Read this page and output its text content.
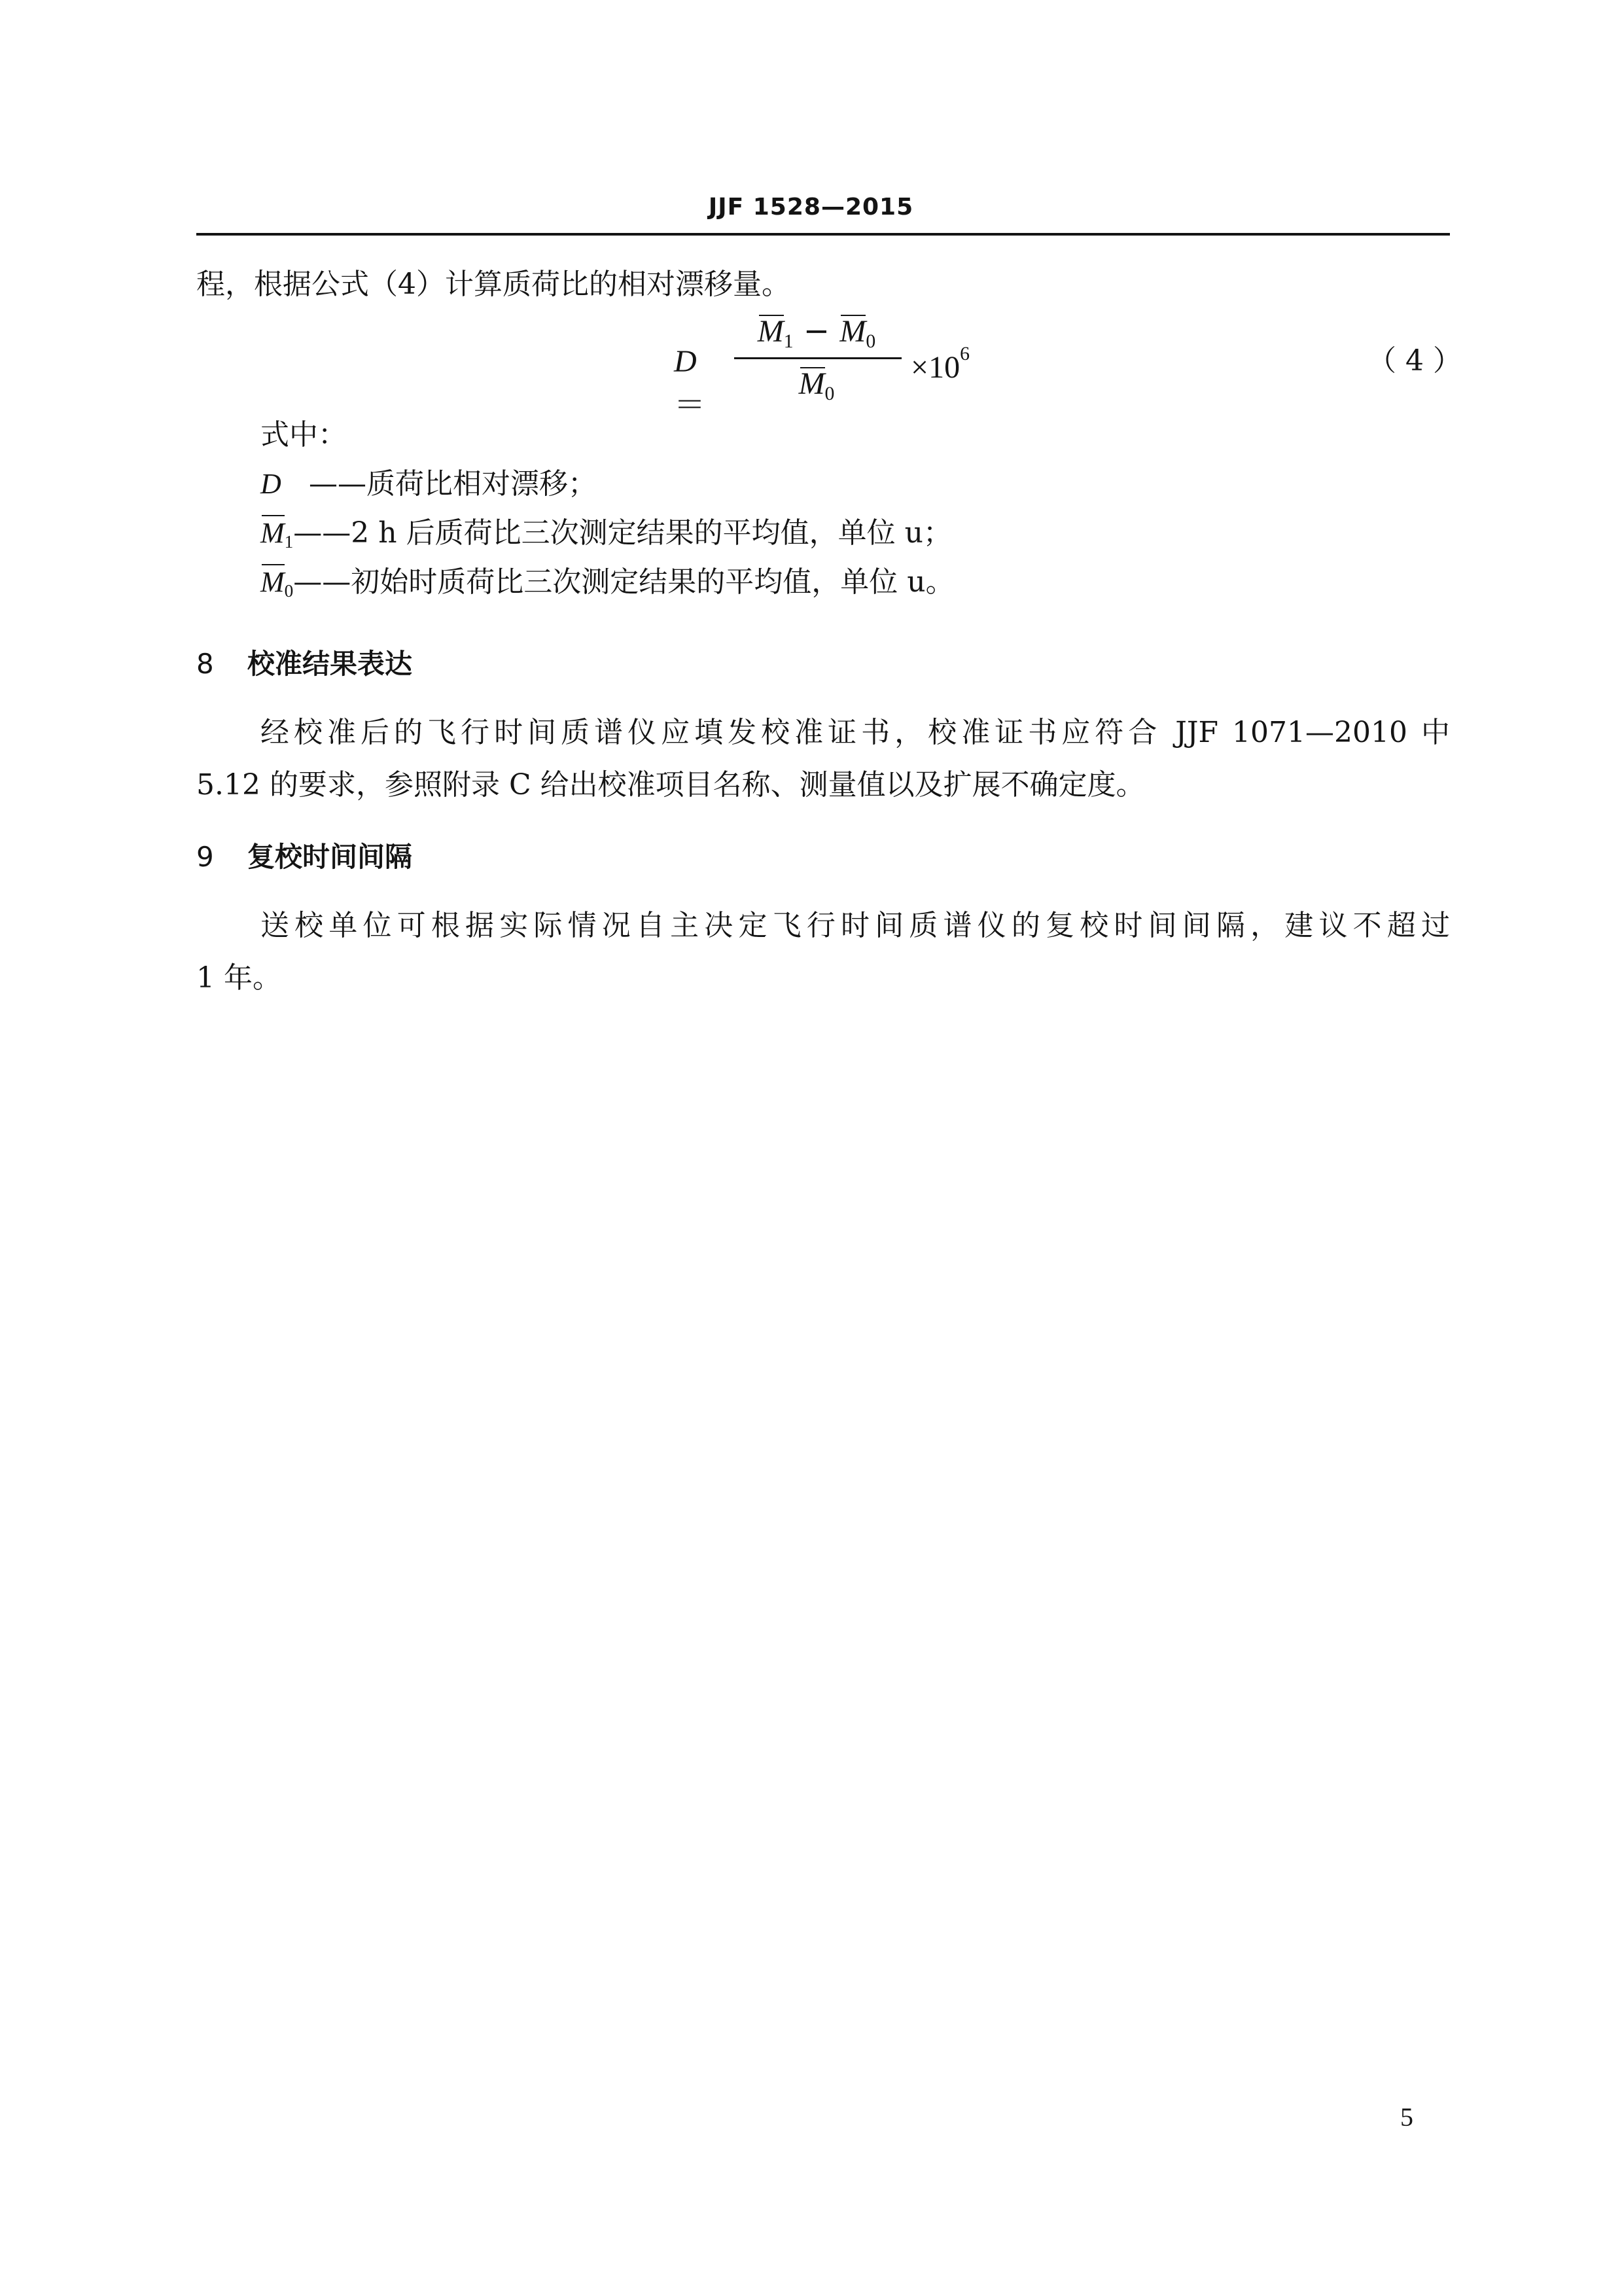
JJF 1528—2015
程，根据公式（4）计算质荷比的相对漂移量。
D＝
$M_1 - M_0$
$M_0$
$\times 10^6$	（4）
式中：
D ——质荷比相对漂移；
$M_1——2$ h 后质荷比三次测定结果的平均值，单位 u；
$M_0——$初始时质荷比三次测定结果的平均值，单位 u。
8 校准结果表达
经校准后的飞行时间质谱仪应填发校准证书，校准证书应符合 JJF 1071—2010 中
5.12 的要求，参照附录 C 给出校准项目名称、测量值以及扩展不确定度。
9 复校时间间隔
送校单位可根据实际情况自主决定飞行时间质谱仪的复校时间间隔，建议不超过
1 年。
5
